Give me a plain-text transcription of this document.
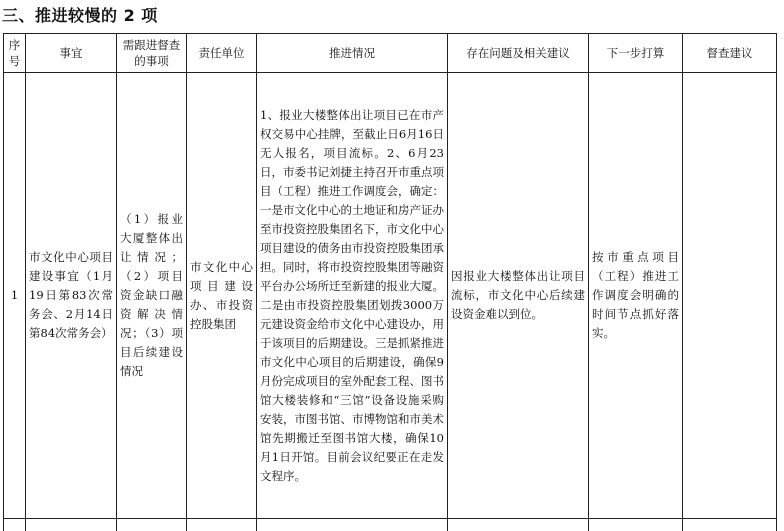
三、推进较慢的 2 项
序号	事宜	需跟进督查的事项	责任单位	推进情况	存在问题及相关建议	下一步打算	督查建议
1	市文化中心项目建设事宜（1月19日第83次常务会、2月14日第84次常务会）	（1）报业大厦整体出让情况；（2）项目资金缺口融资解决情况；（3）项目后续建设情况	市文化中心项目建设办、市投资控股集团	1、报业大楼整体出让项目已在市产权交易中心挂牌，至截止日6月16日无人报名，项目流标。2、6月23日，市委书记刘捷主持召开市重点项目（工程）推进工作调度会，确定：一是市文化中心的土地证和房产证办至市投资控股集团名下，市文化中心项目建设的债务由市投资控股集团承担。同时，将市投资控股集团等融资平台办公场所迁至新建的报业大厦。二是由市投资控股集团划拨3000万元建设资金给市文化中心建设办，用于该项目的后期建设。三是抓紧推进市文化中心项目的后期建设，确保9月份完成项目的室外配套工程、图书馆大楼装修和“三馆”设备设施采购安装，市图书馆、市博物馆和市美术馆先期搬迁至图书馆大楼，确保10月1日开馆。目前会议纪要正在走发文程序。	因报业大楼整体出让项目流标，市文化中心后续建设资金难以到位。	按市重点项目（工程）推进工作调度会明确的时间节点抓好落实。	
